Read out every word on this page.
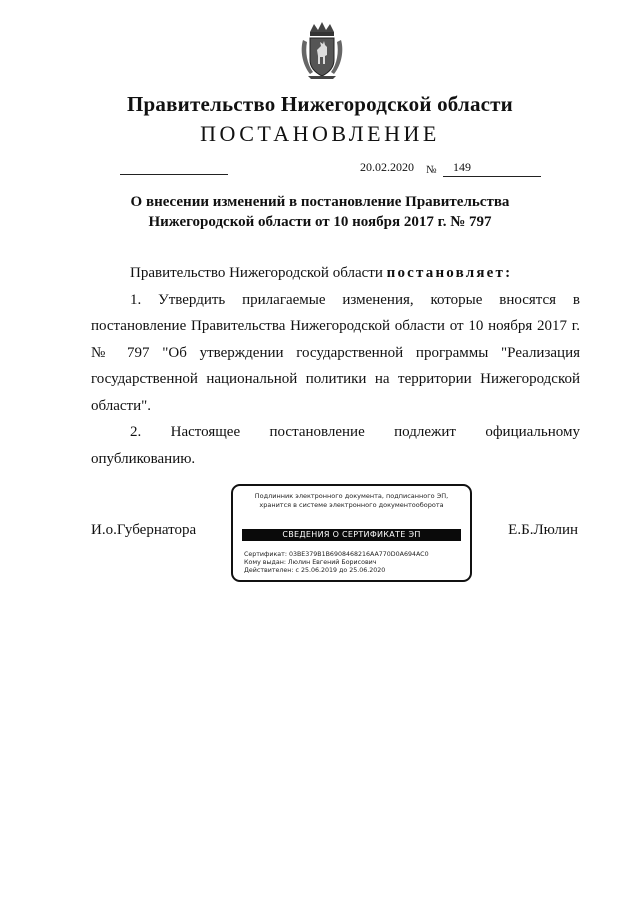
Правительство Нижегородской области
ПОСТАНОВЛЕНИЕ
20.02.2020 № 149
О внесении изменений в постановление Правительства
Нижегородской области от 10 ноября 2017 г. № 797

Правительство Нижегородской области постановляет:

1. Утвердить прилагаемые изменения, которые вносятся в постановление Правительства Нижегородской области от 10 ноября 2017 г. № 797 "Об утверждении государственной программы "Реализация государственной национальной политики на территории Нижегородской области".

2. Настоящее постановление подлежит официальному опубликованию.

И.о.Губернатора	Е.Б.Люлин
Подлинник электронного документа, подписанного ЭП,
хранится в системе электронного документооборота
СВЕДЕНИЯ О СЕРТИФИКАТЕ ЭП
Сертификат: 03BE379B1B6908468216AA770D0A694AC0
Кому выдан: Люлин Евгений Борисович
Действителен: с 25.06.2019 до 25.06.2020
